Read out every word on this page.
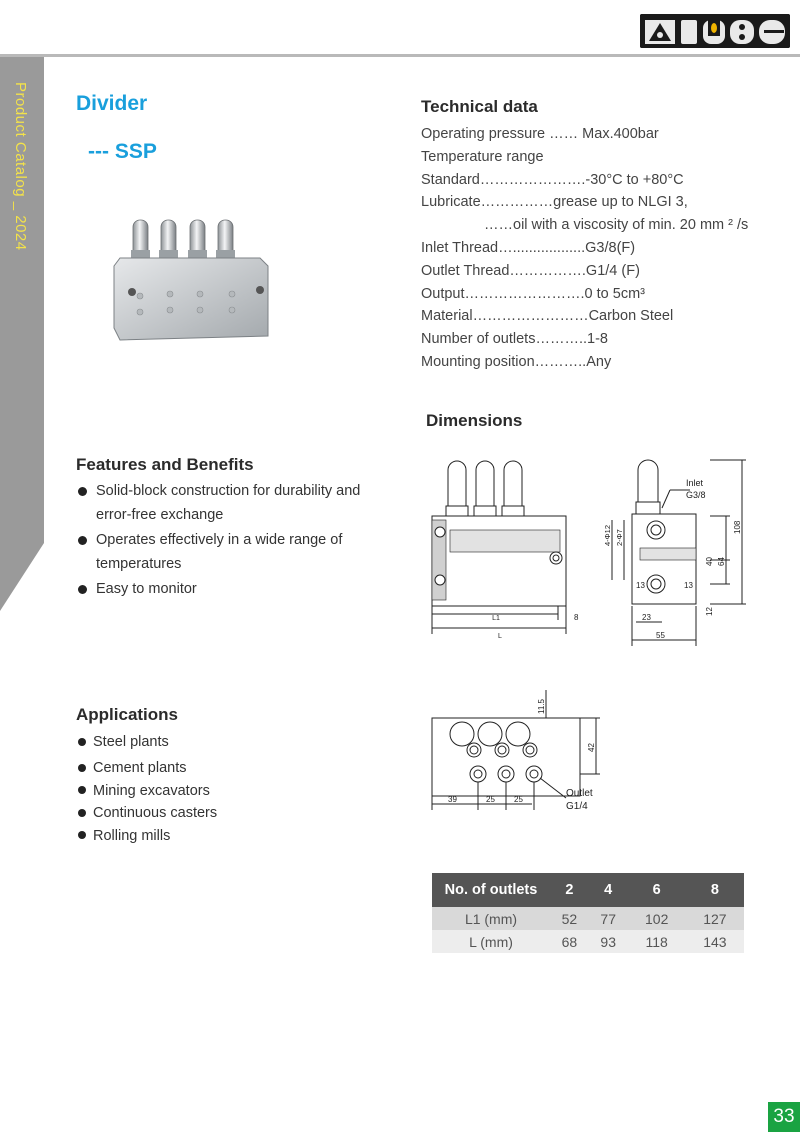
Product Catalog _ 2024 Divider
--- SSP
Technical data
Operating pressure …… Max.400bar
Temperature range
Standard………………….-30°C to +80°C
Lubricate……………grease up to NLGI 3,
……oil with a viscosity of min. 20 mm ² /s
Inlet Thread…..................G3/8(F)
Outlet Thread…………….G1/4 (F)
Output…………………….0 to 5cm³
Material……………………Carbon Steel
Number of outlets………..1-8
Mounting position………..Any
Dimensions
L1
L
8
Inlet
G3/8
108
40 64
13	13
12
23
55
4-Φ12 2-Φ7
11.5
42
39	25 25
Outlet
G1/4
Features and Benefits
Solid-block construction for durability and error-free exchange
Operates effectively in a wide range of temperatures
Easy to monitor
Applications
Steel plants
Cement plants
Mining excavators
Continuous casters
Rolling mills
No. of outlets	2	4	6	8
L1 (mm)	52	77	102	127
L (mm)	68	93	118	143
33
